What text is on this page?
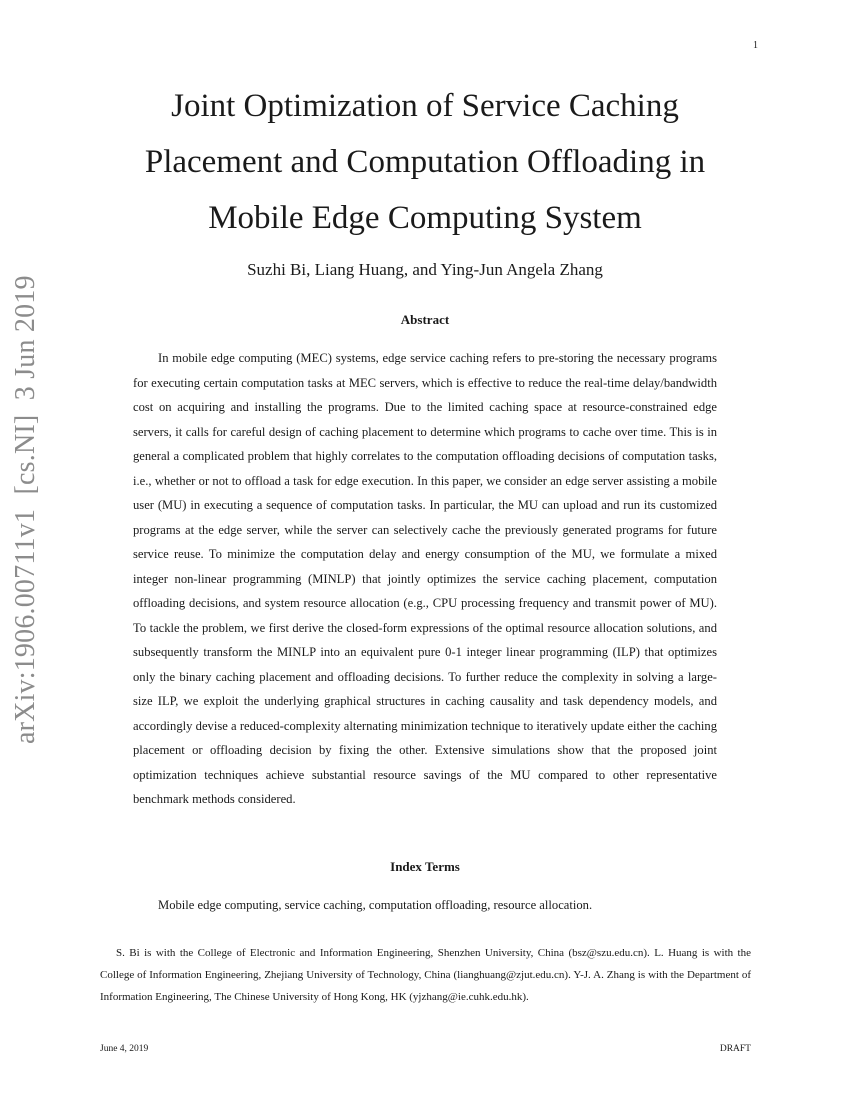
1
arXiv:1906.00711v1  [cs.NI]  3 Jun 2019
Joint Optimization of Service Caching Placement and Computation Offloading in Mobile Edge Computing System
Suzhi Bi, Liang Huang, and Ying-Jun Angela Zhang
Abstract

In mobile edge computing (MEC) systems, edge service caching refers to pre-storing the necessary programs for executing certain computation tasks at MEC servers, which is effective to reduce the real-time delay/bandwidth cost on acquiring and installing the programs. Due to the limited caching space at resource-constrained edge servers, it calls for careful design of caching placement to determine which programs to cache over time. This is in general a complicated problem that highly correlates to the computation offloading decisions of computation tasks, i.e., whether or not to offload a task for edge execution. In this paper, we consider an edge server assisting a mobile user (MU) in executing a sequence of computation tasks. In particular, the MU can upload and run its customized programs at the edge server, while the server can selectively cache the previously generated programs for future service reuse. To minimize the computation delay and energy consumption of the MU, we formulate a mixed integer non-linear programming (MINLP) that jointly optimizes the service caching placement, computation offloading decisions, and system resource allocation (e.g., CPU processing frequency and transmit power of MU). To tackle the problem, we first derive the closed-form expressions of the optimal resource allocation solutions, and subsequently transform the MINLP into an equivalent pure 0-1 integer linear programming (ILP) that optimizes only the binary caching placement and offloading decisions. To further reduce the complexity in solving a large-size ILP, we exploit the underlying graphical structures in caching causality and task dependency models, and accordingly devise a reduced-complexity alternating minimization technique to iteratively update either the caching placement or offloading decision by fixing the other. Extensive simulations show that the proposed joint optimization techniques achieve substantial resource savings of the MU compared to other representative benchmark methods considered.

Index Terms
Mobile edge computing, service caching, computation offloading, resource allocation.

S. Bi is with the College of Electronic and Information Engineering, Shenzhen University, China (bsz@szu.edu.cn). L. Huang is with the College of Information Engineering, Zhejiang University of Technology, China (lianghuang@zjut.edu.cn). Y-J. A. Zhang is with the Department of Information Engineering, The Chinese University of Hong Kong, HK (yjzhang@ie.cuhk.edu.hk).

June 4, 2019	DRAFT
